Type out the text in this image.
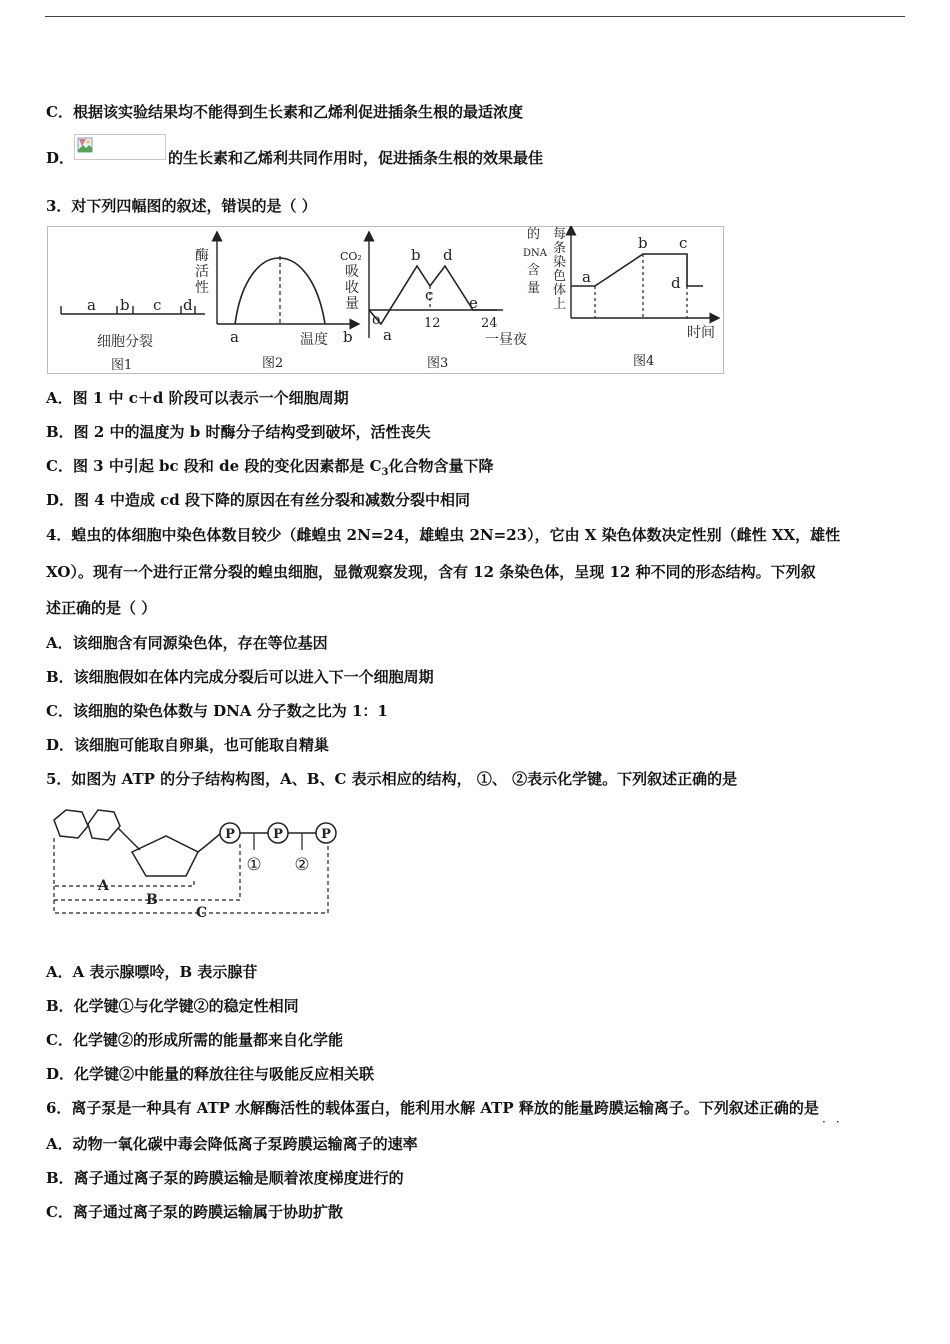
C．根据该实验结果均不能得到生长素和乙烯利促进插条生根的最适浓度
D．	的生长素和乙烯利共同作用时，促进插条生根的效果最佳
3．对下列四幅图的叙述，错误的是（ ）
a b c d
细胞分裂
图1
酶
活
性
a	温度 b
图2
CO₂
吸
收
量
o
a
b
c
d
e
12	24
一昼夜
图3
的
DNA
含
量
每
条
染
色
体
上
a
b c
d
时间
图4
A．图 1 中 c＋d 阶段可以表示一个细胞周期
B．图 2 中的温度为 b 时酶分子结构受到破坏，活性丧失
C．图 3 中引起 bc 段和 de 段的变化因素都是 $C_3$化合物含量下降
D．图 4 中造成 cd 段下降的原因在有丝分裂和减数分裂中相同
4．蝗虫的体细胞中染色体数目较少（雌蝗虫 2N=24，雄蝗虫 2N=23），它由 X 染色体数决定性别（雌性 XX，雄性
XO）。现有一个进行正常分裂的蝗虫细胞，显微观察发现，含有 12 条染色体，呈现 12 种不同的形态结构。下列叙
述正确的是（ ）
A．该细胞含有同源染色体，存在等位基因
B．该细胞假如在体内完成分裂后可以进入下一个细胞周期
C．该细胞的染色体数与 DNA 分子数之比为 1：1
D．该细胞可能取自卵巢，也可能取自精巢
5．如图为 ATP 的分子结构构图，A、B、C 表示相应的结构， ①、 ②表示化学键。下列叙述正确的是
P	P	P
① ②
A
B
C
A．A 表示腺嘌呤，B 表示腺苷
B．化学键①与化学键②的稳定性相同
C．化学键②的形成所需的能量都来自化学能
D．化学键②中能量的释放往往与吸能反应相关联
6．离子泵是一种具有 ATP 水解酶活性的载体蛋白，能利用水解 ATP 释放的能量跨膜运输离子。下列叙述正确的是
··
A．动物一氧化碳中毒会降低离子泵跨膜运输离子的速率
B．离子通过离子泵的跨膜运输是顺着浓度梯度进行的
C．离子通过离子泵的跨膜运输属于协助扩散
